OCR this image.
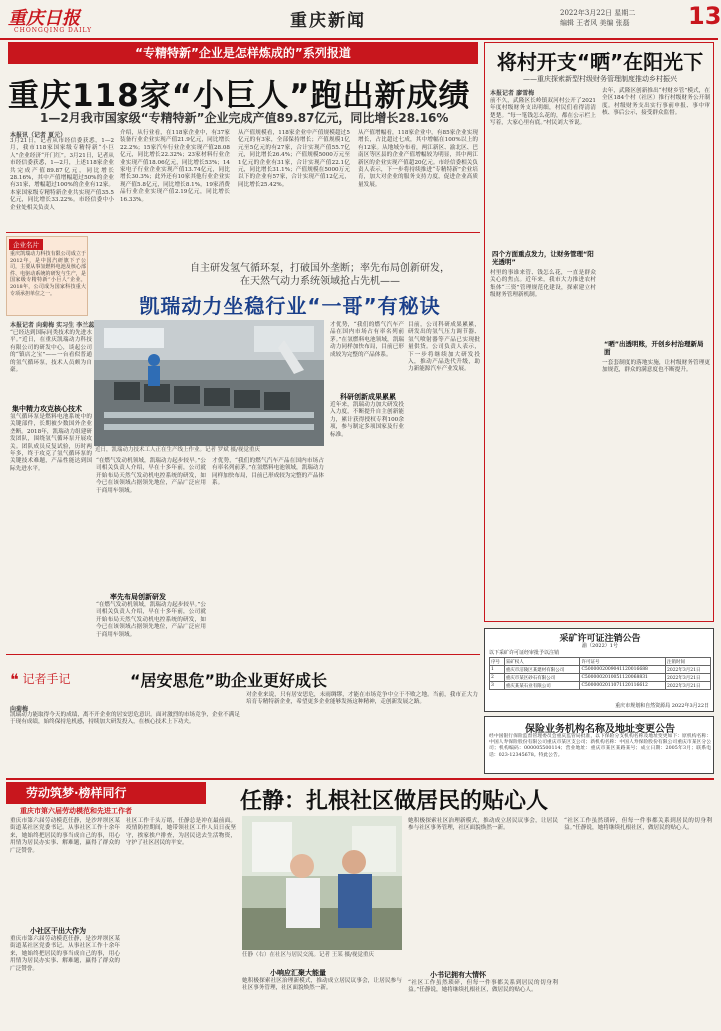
重庆日报
CHONGQING DAILY	重庆新闻	2022年3月22日 星期二
编辑 王者风 美编 张磊 13
“专精特新”企业是怎样炼成的”系列报道
重庆118家“小巨人”跑出新成绩
1—2月我市国家级“专精特新”企业完成产值89.87亿元，同比增长28.16%
本报讯（记者 夏元）
3月21日，记者从市经信委获悉，1—2月，我市118家国家级专精特新“小巨人”企业经济“开门红”。3月21日，记者从市经信委获悉，1—2月，上述118家企业共完成产值89.87亿元，同比增长28.16%，其中产值增幅超过50%的企业有31家，增幅超过100%的企业有12家。本家国家级专精特新企业共实现产值35.5亿元，同比增长33.22%。市经信委中小企业处相关负责人
介绍，从行业看，在118家企业中，有37家装备行业企业实现产值21.9亿元，同比增长22.2%；15家汽车行业企业实现产值28.08亿元，同比增长22.32%；23家材料行业企业实现产值18.06亿元，同比增长53%；14家电子行业企业实现产值13.74亿元，同比增长30.3%；此外还有10家其他行业企业实现产值5.8亿元，同比增长8.1%，19家消费品行业企业实现产值2.19亿元，同比增长16.33%。
从产值规模看，118家企业中产值规模超过5亿元的有3家，全部保持增长；产值规模1亿元至5亿元的有27家，合计实现产值55.7亿元，同比增长26.4%；产值规模5000万元至1亿元的企业有31家，合计实现产值22.1亿元，同比增长31.1%；产值规模在5000万元以下的企业有57家，合计实现产值12亿元，同比增长25.42%。
从产值增幅看，118家企业中，有85家企业实现增长，占比超过七成，其中增幅在100%以上的有12家。从地域分布看，两江新区、渝北区、巴南区等区县的企业产值增幅较为明显，其中两江新区的企业实现产值超20亿元。市经信委相关负责人表示，下一步将持续推进“专精特新”企业培育，加大对企业的服务支持力度，促进企业高质量发展。
企业名片
重庆凯瑞动力科技有限公司成立于2012年，是中国汽研旗下子公司，主要从事氢燃料电池及核心部件、电驱动系统的研发与生产，是国家级专精特新“小巨人”企业，2018年，公司成为国家科技重大专项承担单位之一。
自主研发氢气循环泵，打破国外垄断；率先布局创新研发，
在天然气动力系统领域抢占先机——
凯瑞动力坐稳行业“一哥”有秘诀
近日，凯瑞动力技术工人正在生产线上作业。记者 罗斌 摄/视觉重庆
本报记者 向菊梅 实习生 李兰蕊
“已经达到国际同类技术的先进水平。”近日，在重庆凯瑞动力科技有限公司的研发中心，谈起公司的“镇店之宝”——一台看似普通的氢气循环泵，技术人员颇为自豪。
集中精力攻克核心技术
氢气循环泵是燃料电池系统中的关键部件，长期被少数国外企业垄断。2018年，凯瑞动力组建研发团队，围绕氢气循环泵开展攻关。团队成员反复试验，历时两年多，终于攻克了氢气循环泵的关键技术难题，产品性能达到国际先进水平。
“在燃气发动机领域，凯瑞动力起步较早。”公司相关负责人介绍，早在十多年前，公司就开始布局天然气发动机电控系统的研发，如今已在该领域占据领先地位，产品广泛应用于商用车领域。
率先布局创新研发
“在燃气发动机领域，凯瑞动力起步较早。”公司相关负责人介绍，早在十多年前，公司就开始布局天然气发动机电控系统的研发，如今已在该领域占据领先地位，产品广泛应用于商用车领域。
才优势，“我们的燃气汽车产品在国内市场占有率名列前茅。”在氢燃料电池领域，凯瑞动力同样加快布局，目前已形成较为完整的产品体系。
才优势，“我们的燃气汽车产品在国内市场占有率名列前茅。”在氢燃料电池领域，凯瑞动力同样加快布局，目前已形成较为完整的产品体系。
科研创新成果累累
近年来，凯瑞动力加大研发投入力度，不断提升自主创新能力，累计获得授权专利100余项，参与制定多项国家及行业标准。
目前，公司科研成果累累，研发出的氢气压力调节器、氢气喷射器等产品已实现批量供货。公司负责人表示，下一步将继续加大研发投入，推动产品迭代升级，助力新能源汽车产业发展。
将村开支“晒”在阳光下
——重庆探索新型村级财务管理制度推动乡村振兴
本报记者 廖雪梅
前不久，武隆区长岭镇双河村公开了2021年度村级财务支出明细，村民们看得清清楚楚。“每一笔钱怎么花的，都在公示栏上写着，大家心里有底。”村民刘大爷说。
四个方面重点发力，让财务管理“阳光透明”
村里的事谁来管、钱怎么花，一直是群众关心的焦点。近年来，我市大力推进农村集体“三资”管理规范化建设，探索建立村级财务管理新机制。
去年，武隆区创新推出“村财乡管”模式，在全区184个村（社区）推行村级财务公开制度。村级财务支出实行事前申报、事中审核、事后公示，接受群众监督。
“晒”出透明账，开创乡村治理新局面
一套套制度的落地实施，让村级财务管理更加规范，群众的满意度也不断提升。
采矿许可证注销公告
渝（2022）1号
以下采矿许可证经审批予以注销
序号	采矿权人	许可证号	注销时间
1	重庆市涪陵区某建材有限公司	C5000002009041120016688	2022年3月21日
2	重庆市某区砂石有限公司	C5000002010051120068831	2022年3月21日
3	重庆某某石业有限公司	C5000002011071120116612	2022年3月21日
重庆市规划和自然资源局 2022年3月22日
保险业务机构名称及地址变更公告
经中国银行保险监督管理委员会重庆监管局批准，以下保险分支机构名称及地址变更如下：原机构名称：中国人寿保险股份有限公司重庆市某区支公司；新机构名称：中国人寿保险股份有限公司重庆市某区分公司；机构编码：000005500114；营业地址：重庆市某区某路某号；成立日期：2005年3月；联系电话：023-12345678。特此公告。
❝ 记者手记	“居安思危”助企业更好成长
向菊梅
凯瑞动力能取得今天的成绩，离不开企业的居安思危意识。面对激烈的市场竞争，企业不满足于现有成绩，始终保持危机感，持续加大研发投入，在核心技术上下功夫。
对企业来说，只有居安思危，未雨绸缪，才能在市场竞争中立于不败之地。当前，我市正大力培育专精特新企业，希望更多企业能够发扬这种精神，走创新发展之路。
劳动筑梦·榜样同行
重庆市第六届劳动模范和先进工作者	任静：扎根社区做居民的贴心人
重庆市第六届劳动模范任静，是沙坪坝区某街道某社区党委书记。从事社区工作十余年来，她始终把居民的事当成自己的事，用心用情为居民办实事、解难题，赢得了群众的广泛赞誉。
小社区干出大作为
重庆市第六届劳动模范任静，是沙坪坝区某街道某社区党委书记。从事社区工作十余年来，她始终把居民的事当成自己的事，用心用情为居民办实事、解难题，赢得了群众的广泛赞誉。
社区工作千头万绪，任静总是冲在最前面。疫情防控期间，她带领社区工作人员日夜坚守，挨家挨户排查，为居民送去生活物资，守护了社区居民的平安。
任静（右）在社区与居民交流。记者 王某 摄/视觉重庆
小响应汇聚大能量
她积极探索社区治理新模式，推动成立居民议事会，让居民参与社区事务管理，社区面貌焕然一新。
她积极探索社区治理新模式，推动成立居民议事会，让居民参与社区事务管理，社区面貌焕然一新。
小书记拥有大情怀
“社区工作虽然琐碎，但每一件事都关系到居民的切身利益。”任静说，她将继续扎根社区，做居民的贴心人。
“社区工作虽然琐碎，但每一件事都关系到居民的切身利益。”任静说，她将继续扎根社区，做居民的贴心人。
